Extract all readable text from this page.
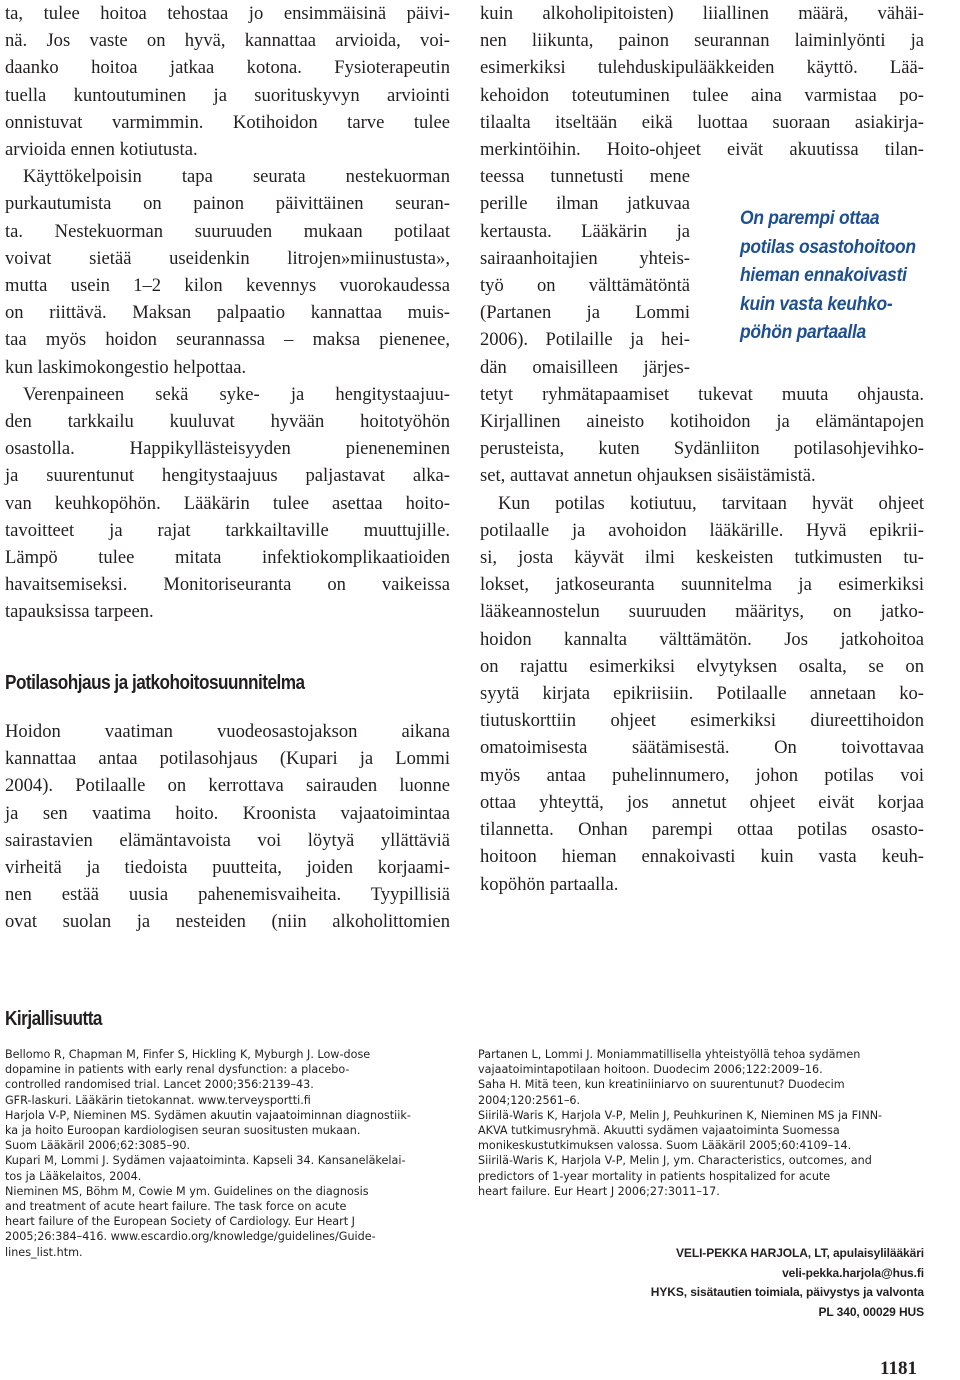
ta, tulee hoitoa tehostaa jo ensimmäisinä päivi-
nä. Jos vaste on hyvä, kannattaa arvioida, voi-
daanko hoitoa jatkaa kotona. Fysioterapeutin
tuella kuntoutuminen ja suorituskyvyn arviointi
onnistuvat varmimmin. Kotihoidon tarve tulee
arvioida ennen kotiutusta.
Käyttökelpoisin tapa seurata nestekuorman
purkautumista on painon päivittäinen seuran-
ta. Nestekuorman suuruuden mukaan potilaat
voivat sietää useidenkin litrojen»miinustusta»,
mutta usein 1–2 kilon kevennys vuorokaudessa
on riittävä. Maksan palpaatio kannattaa muis-
taa myös hoidon seurannassa – maksa pienenee,
kun laskimokongestio helpottaa.
Verenpaineen sekä syke- ja hengitystaajuu-
den tarkkailu kuuluvat hyvään hoitotyöhön
osastolla. Happikyllästeisyyden pieneneminen
ja suurentunut hengitystaajuus paljastavat alka-
van keuhkopöhön. Lääkärin tulee asettaa hoito-
tavoitteet ja rajat tarkkailtaville muuttujille.
Lämpö tulee mitata infektiokomplikaatioiden
havaitsemiseksi. Monitoriseuranta on vaikeissa
tapauksissa tarpeen.
Potilasohjaus ja jatkohoitosuunnitelma
Hoidon vaatiman vuodeosastojakson aikana
kannattaa antaa potilasohjaus (Kupari ja Lommi
2004). Potilaalle on kerrottava sairauden luonne
ja sen vaatima hoito. Kroonista vajaatoimintaa
sairastavien elämäntavoista voi löytyä yllättäviä
virheitä ja tiedoista puutteita, joiden korjaami-
nen estää uusia pahenemisvaiheita. Tyypillisiä
ovat suolan ja nesteiden (niin alkoholittomien
kuin alkoholipitoisten) liiallinen määrä, vähäi-
nen liikunta, painon seurannan laiminlyönti ja
esimerkiksi tulehduskipulääkkeiden käyttö. Lää-
kehoidon toteutuminen tulee aina varmistaa po-
tilaalta itseltään eikä luottaa suoraan asiakirja-
merkintöihin. Hoito-ohjeet eivät akuutissa tilan-
teessa tunnetusti mene
perille ilman jatkuvaa
kertausta. Lääkärin ja
sairaanhoitajien yhteis-
työ on välttämätöntä
(Partanen ja Lommi
2006). Potilaille ja hei-
dän omaisilleen järjes-
tetyt ryhmätapaamiset tukevat muuta ohjausta.
Kirjallinen aineisto kotihoidon ja elämäntapojen
perusteista, kuten Sydänliiton potilasohjevihko-
set, auttavat annetun ohjauksen sisäistämistä.
Kun potilas kotiutuu, tarvitaan hyvät ohjeet
potilaalle ja avohoidon lääkärille. Hyvä epikrii-
si, josta käyvät ilmi keskeisten tutkimusten tu-
lokset, jatkoseuranta suunnitelma ja esimerkiksi
lääkeannostelun suuruuden määritys, on jatko-
hoidon kannalta välttämätön. Jos jatkohoitoa
on rajattu esimerkiksi elvytyksen osalta, se on
syytä kirjata epikriisiin. Potilaalle annetaan ko-
tiutuskorttiin ohjeet esimerkiksi diureettihoidon
omatoimisesta säätämisestä. On toivottavaa
myös antaa puhelinnumero, johon potilas voi
ottaa yhteyttä, jos annetut ohjeet eivät korjaa
tilannetta. Onhan parempi ottaa potilas osasto-
hoitoon hieman ennakoivasti kuin vasta keuh-
kopöhön partaalla.
On parempi ottaa
potilas osastohoitoon
hieman ennakoivasti
kuin vasta keuhko-
pöhön partaalla
Kirjallisuutta
Bellomo R, Chapman M, Finfer S, Hickling K, Myburgh J. Low-dose
dopamine in patients with early renal dysfunction: a placebo-
controlled randomised trial. Lancet 2000;356:2139–43.
GFR-laskuri. Lääkärin tietokannat. www.terveysportti.fi
Harjola V-P, Nieminen MS. Sydämen akuutin vajaatoiminnan diagnostiik-
ka ja hoito Euroopan kardiologisen seuran suositusten mukaan.
Suom Lääkäril 2006;62:3085–90.
Kupari M, Lommi J. Sydämen vajaatoiminta. Kapseli 34. Kansaneläkelai-
tos ja Lääkelaitos, 2004.
Nieminen MS, Böhm M, Cowie M ym. Guidelines on the diagnosis
and treatment of acute heart failure. The task force on acute
heart failure of the European Society of Cardiology. Eur Heart J
2005;26:384–416. www.escardio.org/knowledge/guidelines/Guide-
lines_list.htm.
Partanen L, Lommi J. Moniammatillisella yhteistyöllä tehoa sydämen
vajaatoimintapotilaan hoitoon. Duodecim 2006;122:2009–16.
Saha H. Mitä teen, kun kreatiniiniarvo on suurentunut? Duodecim
2004;120:2561–6.
Siirilä-Waris K, Harjola V-P, Melin J, Peuhkurinen K, Nieminen MS ja FINN-
AKVA tutkimusryhmä. Akuutti sydämen vajaatoiminta Suomessa
monikeskustutkimuksen valossa. Suom Lääkäril 2005;60:4109–14.
Siirilä-Waris K, Harjola V-P, Melin J, ym. Characteristics, outcomes, and
predictors of 1-year mortality in patients hospitalized for acute
heart failure. Eur Heart J 2006;27:3011–17.
VELI-PEKKA HARJOLA, LT, apulaisylilääkäri
veli-pekka.harjola@hus.fi
HYKS, sisätautien toimiala, päivystys ja valvonta
PL 340, 00029 HUS
1181
